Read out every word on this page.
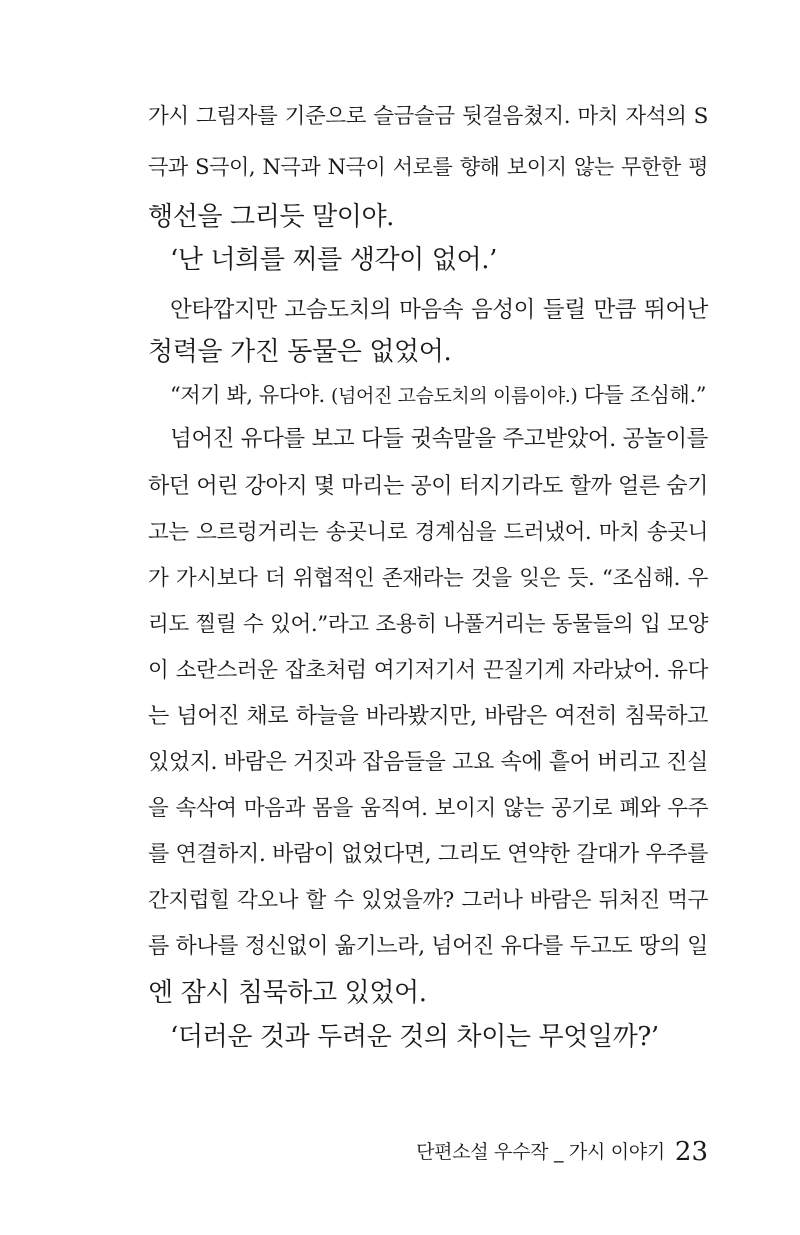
가시 그림자를 기준으로 슬금슬금 뒷걸음쳤지. 마치 자석의 S
극과 S극이, N극과 N극이 서로를 향해 보이지 않는 무한한 평
행선을 그리듯 말이야.
‘난 너희를 찌를 생각이 없어.’
안타깝지만 고슴도치의 마음속 음성이 들릴 만큼 뛰어난
청력을 가진 동물은 없었어.
“저기 봐, 유다야. (넘어진 고슴도치의 이름이야.) 다들 조심해.”
넘어진 유다를 보고 다들 귓속말을 주고받았어. 공놀이를
하던 어린 강아지 몇 마리는 공이 터지기라도 할까 얼른 숨기
고는 으르렁거리는 송곳니로 경계심을 드러냈어. 마치 송곳니
가 가시보다 더 위협적인 존재라는 것을 잊은 듯. “조심해. 우
리도 찔릴 수 있어.”라고 조용히 나풀거리는 동물들의 입 모양
이 소란스러운 잡초처럼 여기저기서 끈질기게 자라났어. 유다
는 넘어진 채로 하늘을 바라봤지만, 바람은 여전히 침묵하고
있었지. 바람은 거짓과 잡음들을 고요 속에 흩어 버리고 진실
을 속삭여 마음과 몸을 움직여. 보이지 않는 공기로 폐와 우주
를 연결하지. 바람이 없었다면, 그리도 연약한 갈대가 우주를
간지럽힐 각오나 할 수 있었을까? 그러나 바람은 뒤처진 먹구
름 하나를 정신없이 옮기느라, 넘어진 유다를 두고도 땅의 일
엔 잠시 침묵하고 있었어.
‘더러운 것과 두려운 것의 차이는 무엇일까?’
단편소설 우수작 _ 가시 이야기 23
